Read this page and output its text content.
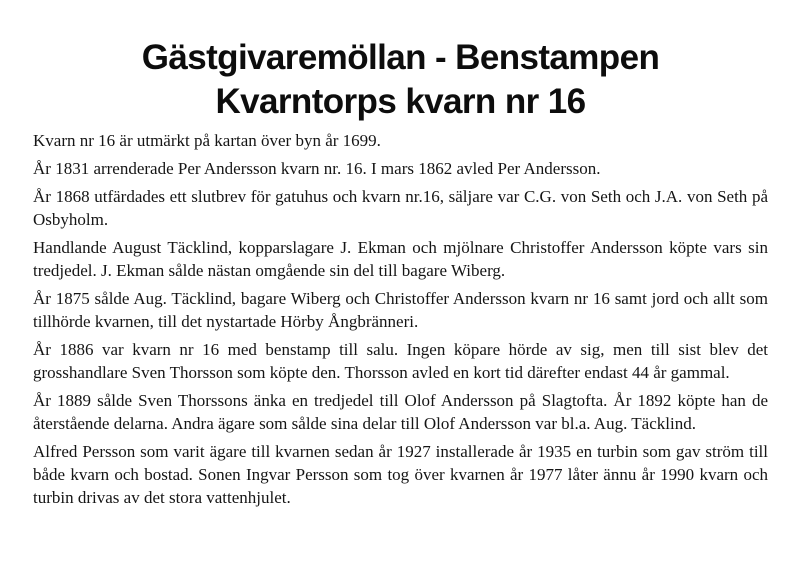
Gästgivaremöllan - Benstampen
Kvarntorps kvarn nr 16

Kvarn nr 16 är utmärkt på kartan över byn år 1699.

År 1831 arrenderade Per Andersson kvarn nr. 16. I mars 1862 avled Per Andersson.

År 1868 utfärdades ett slutbrev för gatuhus och kvarn nr.16, säljare var C.G. von Seth och J.A. von Seth på Osbyholm.

Handlande August Täcklind, kopparslagare J. Ekman och mjölnare Christoffer Andersson köpte vars sin tredjedel. J. Ekman sålde nästan omgående sin del till bagare Wiberg.

År 1875 sålde Aug. Täcklind, bagare Wiberg och Christoffer Andersson kvarn nr 16 samt jord och allt som tillhörde kvarnen, till det nystartade Hörby Ångbränneri.

År 1886 var kvarn nr 16 med benstamp till salu. Ingen köpare hörde av sig, men till sist blev det grosshandlare Sven Thorsson som köpte den. Thorsson avled en kort tid därefter endast 44 år gammal.

År 1889 sålde Sven Thorssons änka en tredjedel till Olof Andersson på Slagtofta. År 1892 köpte han de återstående delarna. Andra ägare som sålde sina delar till Olof Andersson var bl.a. Aug. Täcklind.

Alfred Persson som varit ägare till kvarnen sedan år 1927 installerade år 1935 en turbin som gav ström till både kvarn och bostad. Sonen Ingvar Persson som tog över kvarnen år 1977 låter ännu år 1990 kvarn och turbin drivas av det stora vattenhjulet.
